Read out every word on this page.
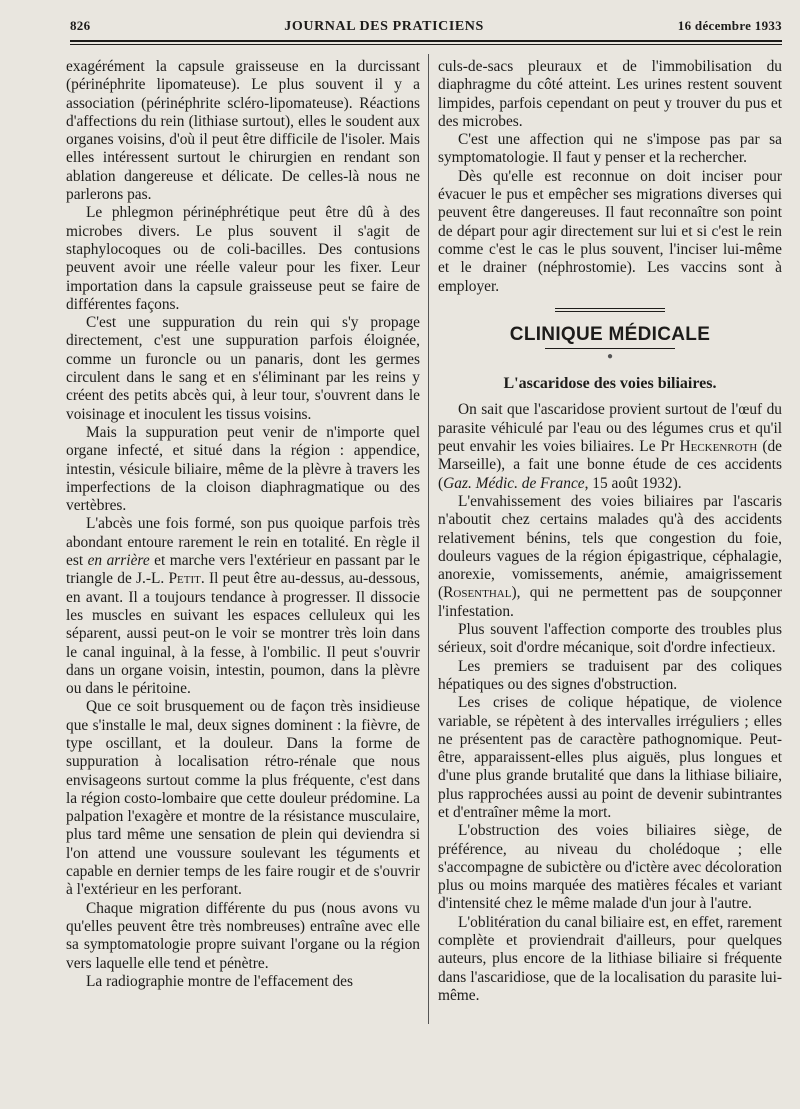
826	JOURNAL DES PRATICIENS	16 décembre 1933

exagérément la capsule graisseuse en la durcissant (périnéphrite lipomateuse). Le plus souvent il y a association (périnéphrite scléro-lipomateuse). Réactions d'affections du rein (lithiase surtout), elles le soudent aux organes voisins, d'où il peut être difficile de l'isoler. Mais elles intéressent surtout le chirurgien en rendant son ablation dangereuse et délicate. De celles-là nous ne parlerons pas.

Le phlegmon périnéphrétique peut être dû à des microbes divers. Le plus souvent il s'agit de staphylocoques ou de coli-bacilles. Des contusions peuvent avoir une réelle valeur pour les fixer. Leur importation dans la capsule graisseuse peut se faire de différentes façons.

C'est une suppuration du rein qui s'y propage directement, c'est une suppuration parfois éloignée, comme un furoncle ou un panaris, dont les germes circulent dans le sang et en s'éliminant par les reins y créent des petits abcès qui, à leur tour, s'ouvrent dans le voisinage et inoculent les tissus voisins.

Mais la suppuration peut venir de n'importe quel organe infecté, et situé dans la région : appendice, intestin, vésicule biliaire, même de la plèvre à travers les imperfections de la cloison diaphragmatique ou des vertèbres.

L'abcès une fois formé, son pus quoique parfois très abondant entoure rarement le rein en totalité. En règle il est en arrière et marche vers l'extérieur en passant par le triangle de J.-L. Petit. Il peut être au-dessus, au-dessous, en avant. Il a toujours tendance à progresser. Il dissocie les muscles en suivant les espaces celluleux qui les séparent, aussi peut-on le voir se montrer très loin dans le canal inguinal, à la fesse, à l'ombilic. Il peut s'ouvrir dans un organe voisin, intestin, poumon, dans la plèvre ou dans le péritoine.

Que ce soit brusquement ou de façon très insidieuse que s'installe le mal, deux signes dominent : la fièvre, de type oscillant, et la douleur. Dans la forme de suppuration à localisation rétro-rénale que nous envisageons surtout comme la plus fréquente, c'est dans la région costo-lombaire que cette douleur prédomine. La palpation l'exagère et montre de la résistance musculaire, plus tard même une sensation de plein qui deviendra si l'on attend une voussure soulevant les téguments et capable en dernier temps de les faire rougir et de s'ouvrir à l'extérieur en les perforant.

Chaque migration différente du pus (nous avons vu qu'elles peuvent être très nombreuses) entraîne avec elle sa symptomatologie propre suivant l'organe ou la région vers laquelle elle tend et pénètre.

La radiographie montre de l'effacement des

culs-de-sacs pleuraux et de l'immobilisation du diaphragme du côté atteint. Les urines restent souvent limpides, parfois cependant on peut y trouver du pus et des microbes.

C'est une affection qui ne s'impose pas par sa symptomatologie. Il faut y penser et la rechercher.

Dès qu'elle est reconnue on doit inciser pour évacuer le pus et empêcher ses migrations diverses qui peuvent être dangereuses. Il faut reconnaître son point de départ pour agir directement sur lui et si c'est le rein comme c'est le cas le plus souvent, l'inciser lui-même et le drainer (néphrostomie). Les vaccins sont à employer.

CLINIQUE MÉDICALE
●
L'ascaridose des voies biliaires.

On sait que l'ascaridose provient surtout de l'œuf du parasite véhiculé par l'eau ou des légumes crus et qu'il peut envahir les voies biliaires. Le Pr Heckenroth (de Marseille), a fait une bonne étude de ces accidents (Gaz. Médic. de France, 15 août 1932).

L'envahissement des voies biliaires par l'ascaris n'aboutit chez certains malades qu'à des accidents relativement bénins, tels que congestion du foie, douleurs vagues de la région épigastrique, céphalagie, anorexie, vomissements, anémie, amaigrissement (Rosenthal), qui ne permettent pas de soupçonner l'infestation.

Plus souvent l'affection comporte des troubles plus sérieux, soit d'ordre mécanique, soit d'ordre infectieux.

Les premiers se traduisent par des coliques hépatiques ou des signes d'obstruction.

Les crises de colique hépatique, de violence variable, se répètent à des intervalles irréguliers ; elles ne présentent pas de caractère pathognomique. Peut-être, apparaissent-elles plus aiguës, plus longues et d'une plus grande brutalité que dans la lithiase biliaire, plus rapprochées aussi au point de devenir subintrantes et d'entraîner même la mort.

L'obstruction des voies biliaires siège, de préférence, au niveau du cholédoque ; elle s'accompagne de subictère ou d'ictère avec décoloration plus ou moins marquée des matières fécales et variant d'intensité chez le même malade d'un jour à l'autre.

L'oblitération du canal biliaire est, en effet, rarement complète et proviendrait d'ailleurs, pour quelques auteurs, plus encore de la lithiase biliaire si fréquente dans l'ascaridiose, que de la localisation du parasite lui-même.
